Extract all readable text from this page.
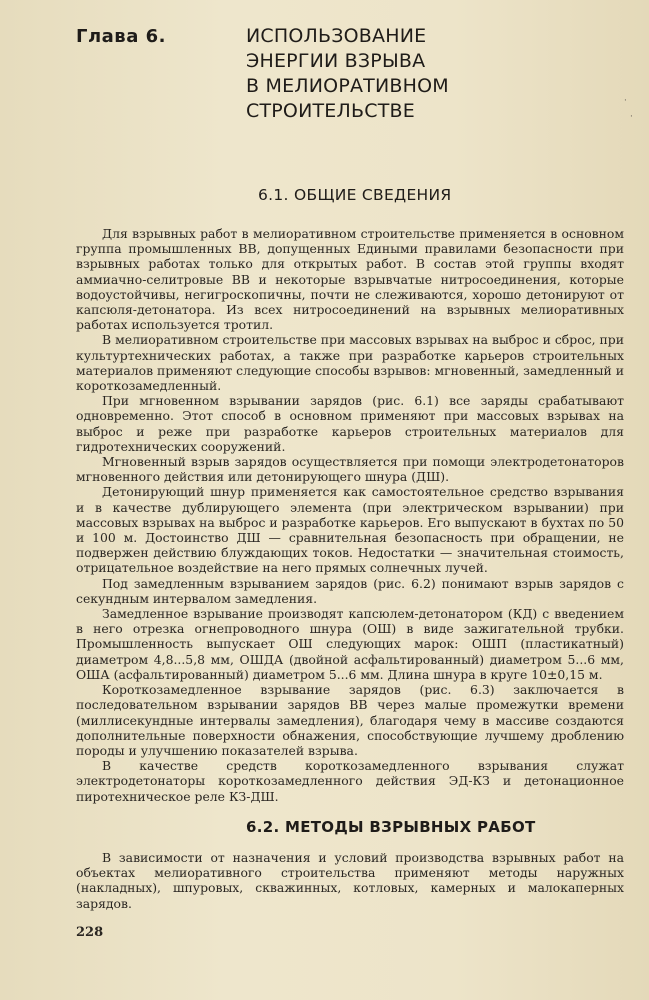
Глава 6.	ИСПОЛЬЗОВАНИЕ
ЭНЕРГИИ ВЗРЫВА
В МЕЛИОРАТИВНОМ
СТРОИТЕЛЬСТВЕ
6.1. ОБЩИЕ СВЕДЕНИЯ

Для взрывных работ в мелиоративном строительстве применяется в основном группа промышленных ВВ, допущенных Едиными правилами безопасности при взрывных работах только для открытых работ. В состав этой группы входят аммиачно-селитровые ВВ и некоторые взрывчатые нитросоединения, которые водоустойчивы, негигроскопичны, почти не слеживаются, хорошо детонируют от капсюля-детонатора. Из всех нитросоединений на взрывных мелиоративных работах используется тротил.

В мелиоративном строительстве при массовых взрывах на выброс и сброс, при культуртехнических работах, а также при разработке карьеров строительных материалов применяют следующие способы взрывов: мгновенный, замедленный и короткозамедленный.

При мгновенном взрывании зарядов (рис. 6.1) все заряды срабатывают одновременно. Этот способ в основном применяют при массовых взрывах на выброс и реже при разработке карьеров строительных материалов для гидротехнических сооружений.

Мгновенный взрыв зарядов осуществляется при помощи электродетонаторов мгновенного действия или детонирующего шнура (ДШ).

Детонирующий шнур применяется как самостоятельное средство взрывания и в качестве дублирующего элемента (при электрическом взрывании) при массовых взрывах на выброс и разработке карьеров. Его выпускают в бухтах по 50 и 100 м. Достоинство ДШ — сравнительная безопасность при обращении, не подвержен действию блуждающих токов. Недостатки — значительная стоимость, отрицательное воздействие на него прямых солнечных лучей.

Под замедленным взрыванием зарядов (рис. 6.2) понимают взрыв зарядов с секундным интервалом замедления.

Замедленное взрывание производят капсюлем-детонатором (КД) с введением в него отрезка огнепроводного шнура (ОШ) в виде зажигательной трубки. Промышленность выпускает ОШ следующих марок: ОШП (пластикатный) диаметром 4,8...5,8 мм, ОШДА (двойной асфальтированный) диаметром 5...6 мм, ОША (асфальтированный) диаметром 5...6 мм. Длина шнура в круге 10±0,15 м.

Короткозамедленное взрывание зарядов (рис. 6.3) заключается в последовательном взрывании зарядов ВВ через малые промежутки времени (миллисекундные интервалы замедления), благодаря чему в массиве создаются дополнительные поверхности обнажения, способствующие лучшему дроблению породы и улучшению показателей взрыва.

В качестве средств короткозамедленного взрывания служат электродетонаторы короткозамедленного действия ЭД-КЗ и детонационное пиротехническое реле КЗ-ДШ.

6.2. МЕТОДЫ ВЗРЫВНЫХ РАБОТ

В зависимости от назначения и условий производства взрывных работ на объектах мелиоративного строительства применяют методы наружных (накладных), шпуровых, скважинных, котловых, камерных и малокаперных зарядов.

228
·
·
